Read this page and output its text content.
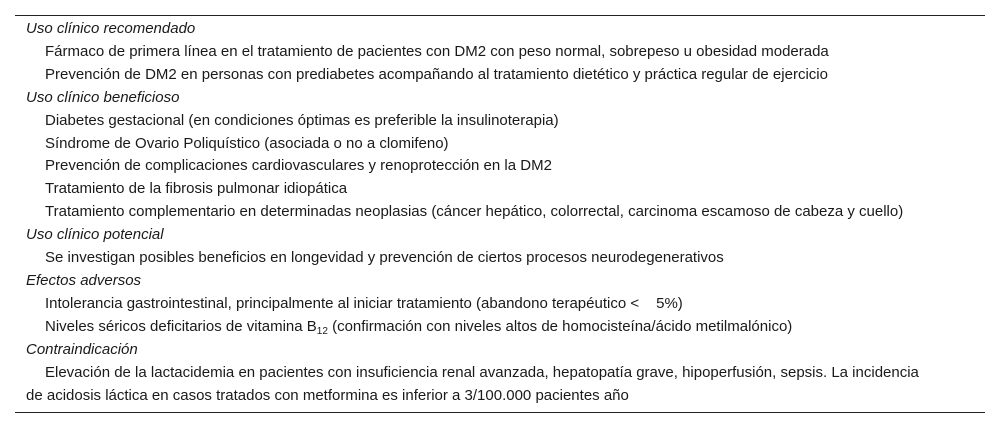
Uso clínico recomendado
Fármaco de primera línea en el tratamiento de pacientes con DM2 con peso normal, sobrepeso u obesidad moderada
Prevención de DM2 en personas con prediabetes acompañando al tratamiento dietético y práctica regular de ejercicio
Uso clínico beneficioso
Diabetes gestacional (en condiciones óptimas es preferible la insulinoterapia)
Síndrome de Ovario Poliquístico (asociada o no a clomifeno)
Prevención de complicaciones cardiovasculares y renoprotección en la DM2
Tratamiento de la fibrosis pulmonar idiopática
Tratamiento complementario en determinadas neoplasias (cáncer hepático, colorrectal, carcinoma escamoso de cabeza y cuello)
Uso clínico potencial
Se investigan posibles beneficios en longevidad y prevención de ciertos procesos neurodegenerativos
Efectos adversos
Intolerancia gastrointestinal, principalmente al iniciar tratamiento (abandono terapéutico < 5%)
Niveles séricos deficitarios de vitamina $B_{12}$ (confirmación con niveles altos de homocisteína/ácido metilmalónico)
Contraindicación
Elevación de la lactacidemia en pacientes con insuficiencia renal avanzada, hepatopatía grave, hipoperfusión, sepsis. La incidencia de acidosis láctica en casos tratados con metformina es inferior a 3/100.000 pacientes año
